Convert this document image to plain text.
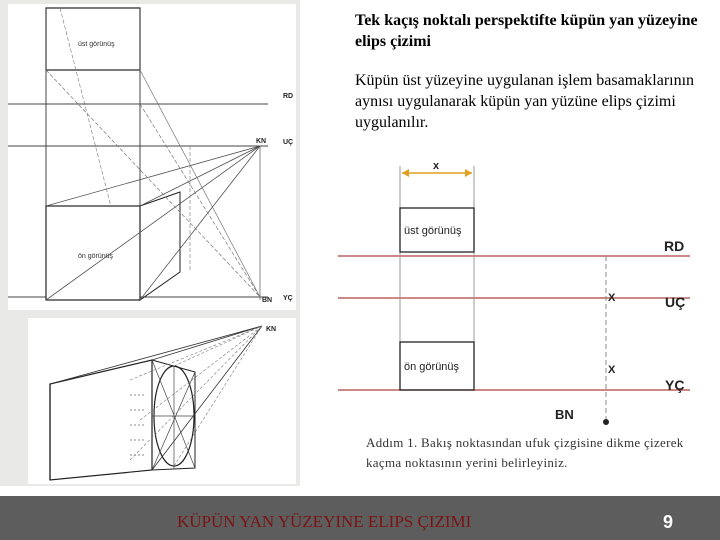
üst görünüş
ön görünüş
RD
KN UÇ
BN YÇ
KN
Tek kaçış noktalı perspektifte küpün yan yüzeyine elips çizimi
Küpün üst yüzeyine uygulanan işlem basamaklarının aynısı uygulanarak küpün yan yüzüne elips çizimi uygulanılır.
x
üst görünüş
ön görünüş
X
X
BN
RD
UÇ
YÇ
Addım 1. Bakış noktasından ufuk çizgisine dikme çizerek kaçma noktasının yerini belirleyiniz.
KÜPÜN YAN YÜZEYINE ELIPS ÇIZIMI	9
